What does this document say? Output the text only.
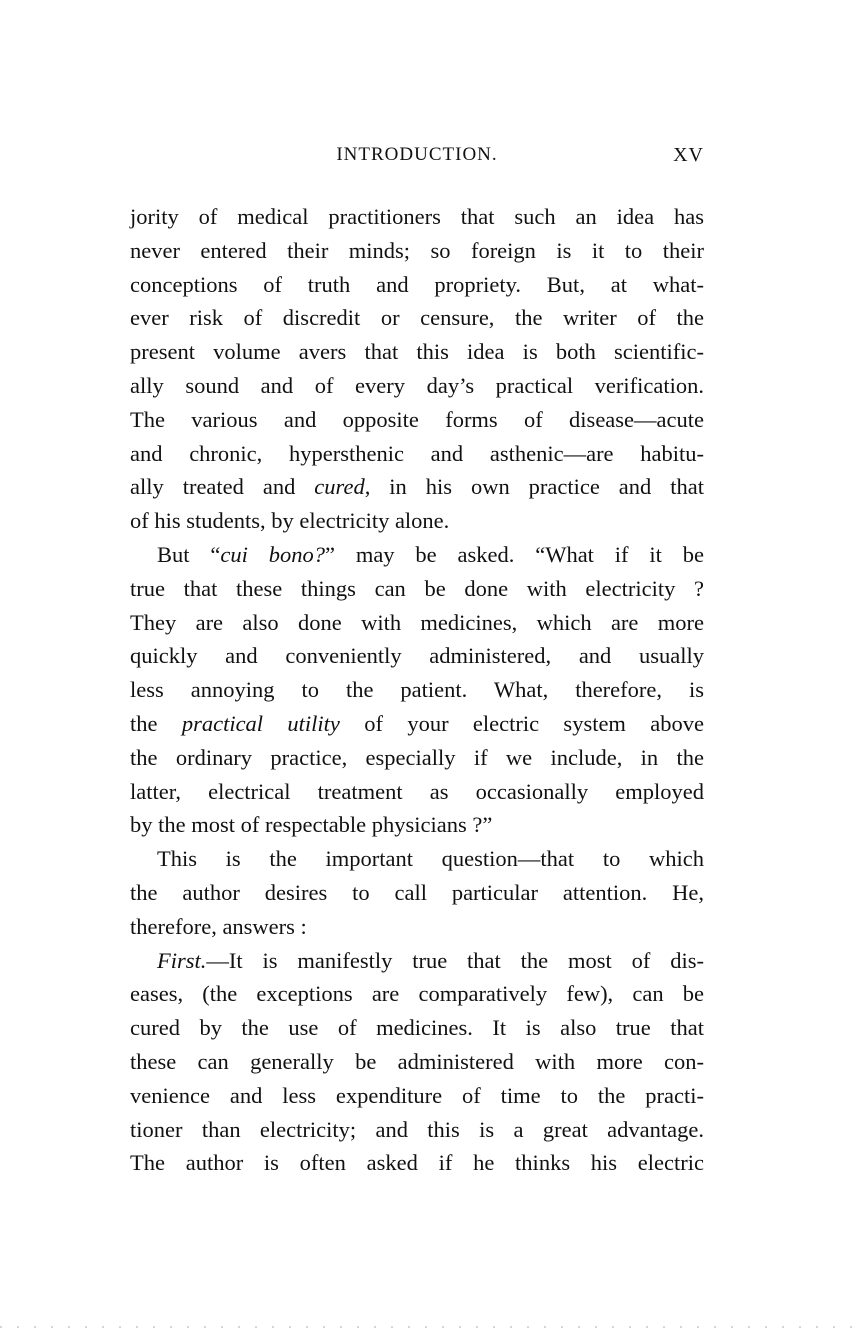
INTRODUCTION.	XV
jority of medical practitioners that such an idea has
never entered their minds; so foreign is it to their
conceptions of truth and propriety. But, at what-
ever risk of discredit or censure, the writer of the
present volume avers that this idea is both scientific-
ally sound and of every day’s practical verification.
The various and opposite forms of disease—acute
and chronic, hypersthenic and asthenic—are habitu-
ally treated and cured, in his own practice and that
of his students, by electricity alone.
But “cui bono?” may be asked. “What if it be
true that these things can be done with electricity ?
They are also done with medicines, which are more
quickly and conveniently administered, and usually
less annoying to the patient. What, therefore, is
the practical utility of your electric system above
the ordinary practice, especially if we include, in the
latter, electrical treatment as occasionally employed
by the most of respectable physicians ?”
This is the important question—that to which
the author desires to call particular attention. He,
therefore, answers :
First.—It is manifestly true that the most of dis-
eases, (the exceptions are comparatively few), can be
cured by the use of medicines. It is also true that
these can generally be administered with more con-
venience and less expenditure of time to the practi-
tioner than electricity; and this is a great advantage.
The author is often asked if he thinks his electric
